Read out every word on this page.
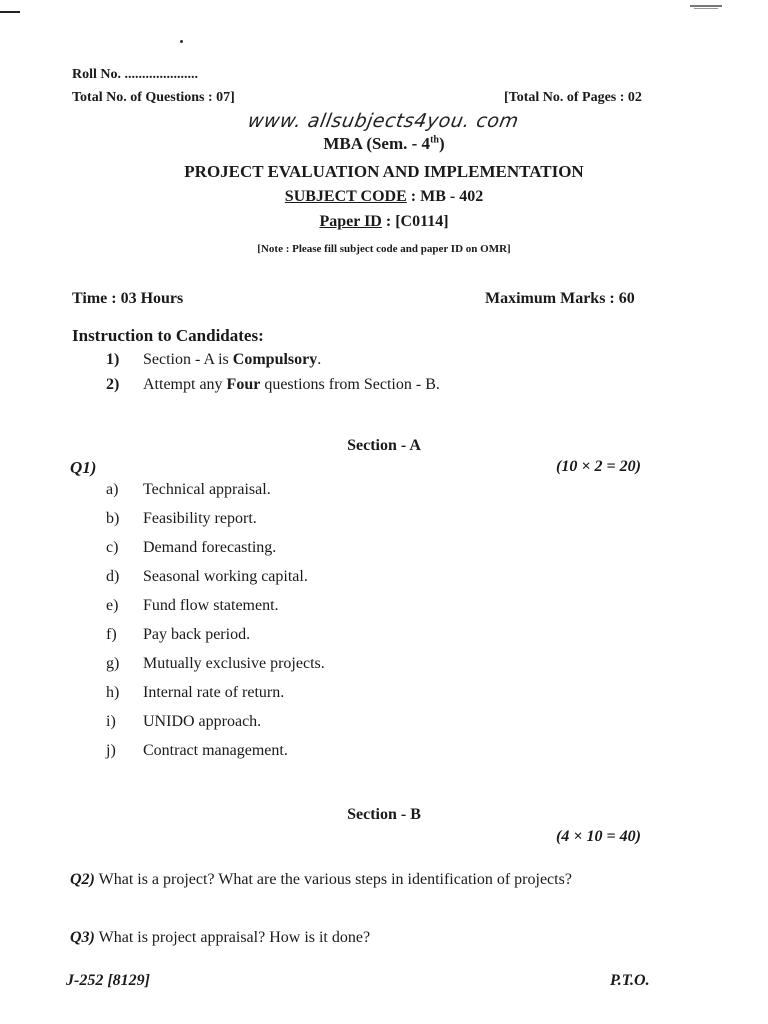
Roll No. .....................
Total No. of Questions : 07]	[Total No. of Pages : 02
www. allsubjects4you. com
MBA (Sem. - 4th)
PROJECT EVALUATION AND IMPLEMENTATION
SUBJECT CODE : MB - 402
Paper ID : [C0114]
[Note : Please fill subject code and paper ID on OMR]
Time : 03 Hours	Maximum Marks : 60
Instruction to Candidates:
1) Section - A is Compulsory.
2) Attempt any Four questions from Section - B.
Section - A
Q1)	(10 × 2 = 20)
a)	Technical appraisal.
b)	Feasibility report.
c)	Demand forecasting.
d)	Seasonal working capital.
e)	Fund flow statement.
f)	Pay back period.
g)	Mutually exclusive projects.
h)	Internal rate of return.
i)	UNIDO approach.
j)	Contract management.
Section - B
(4 × 10 = 40)
Q2) What is a project? What are the various steps in identification of projects?
Q3) What is project appraisal? How is it done?
J-252 [8129]	P.T.O.
